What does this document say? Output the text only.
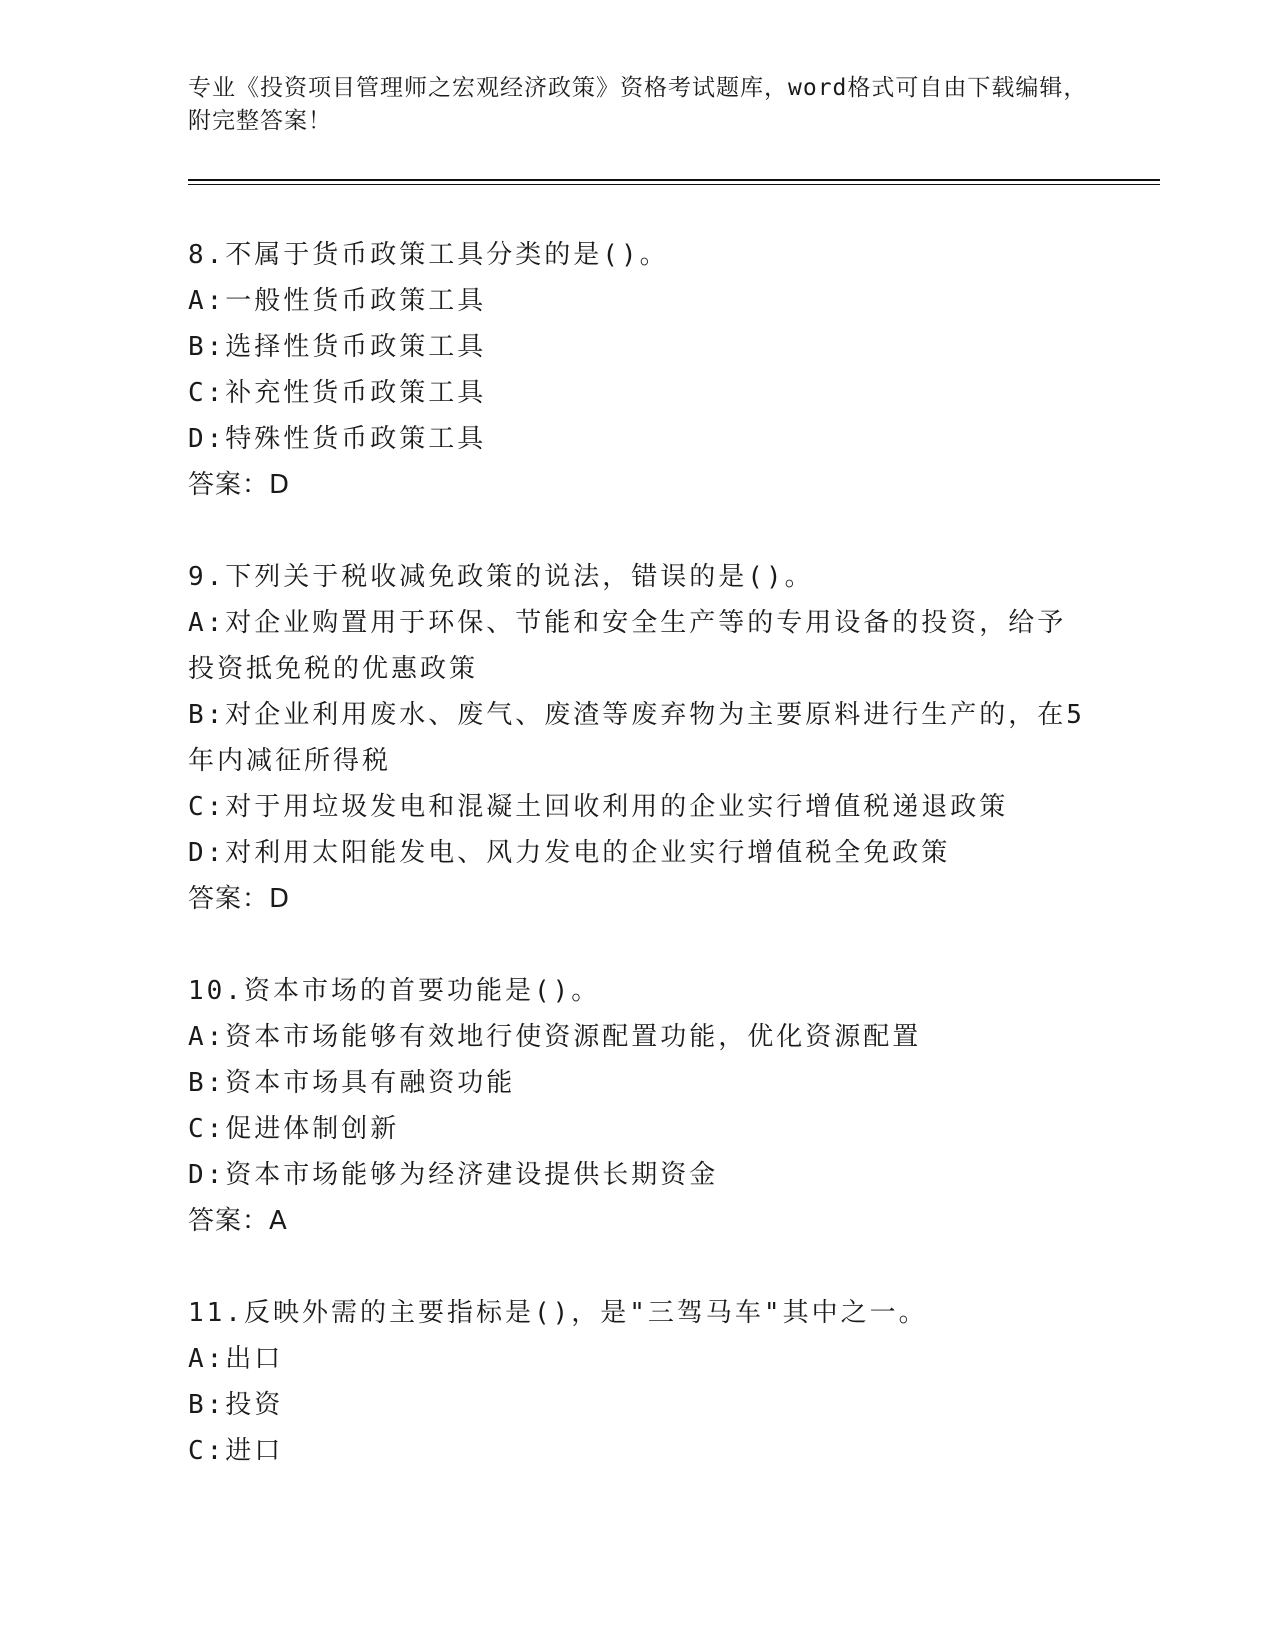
专业《投资项目管理师之宏观经济政策》资格考试题库，word格式可自由下载编辑，附完整答案！
8.不属于货币政策工具分类的是()。
A:一般性货币政策工具
B:选择性货币政策工具
C:补充性货币政策工具
D:特殊性货币政策工具
答案：D
9.下列关于税收减免政策的说法，错误的是()。
A:对企业购置用于环保、节能和安全生产等的专用设备的投资，给予投资抵免税的优惠政策
B:对企业利用废水、废气、废渣等废弃物为主要原料进行生产的，在5年内减征所得税
C:对于用垃圾发电和混凝土回收利用的企业实行增值税递退政策
D:对利用太阳能发电、风力发电的企业实行增值税全免政策
答案：D
10.资本市场的首要功能是()。
A:资本市场能够有效地行使资源配置功能，优化资源配置
B:资本市场具有融资功能
C:促进体制创新
D:资本市场能够为经济建设提供长期资金
答案：A
11.反映外需的主要指标是()，是"三驾马车"其中之一。
A:出口
B:投资
C:进口
